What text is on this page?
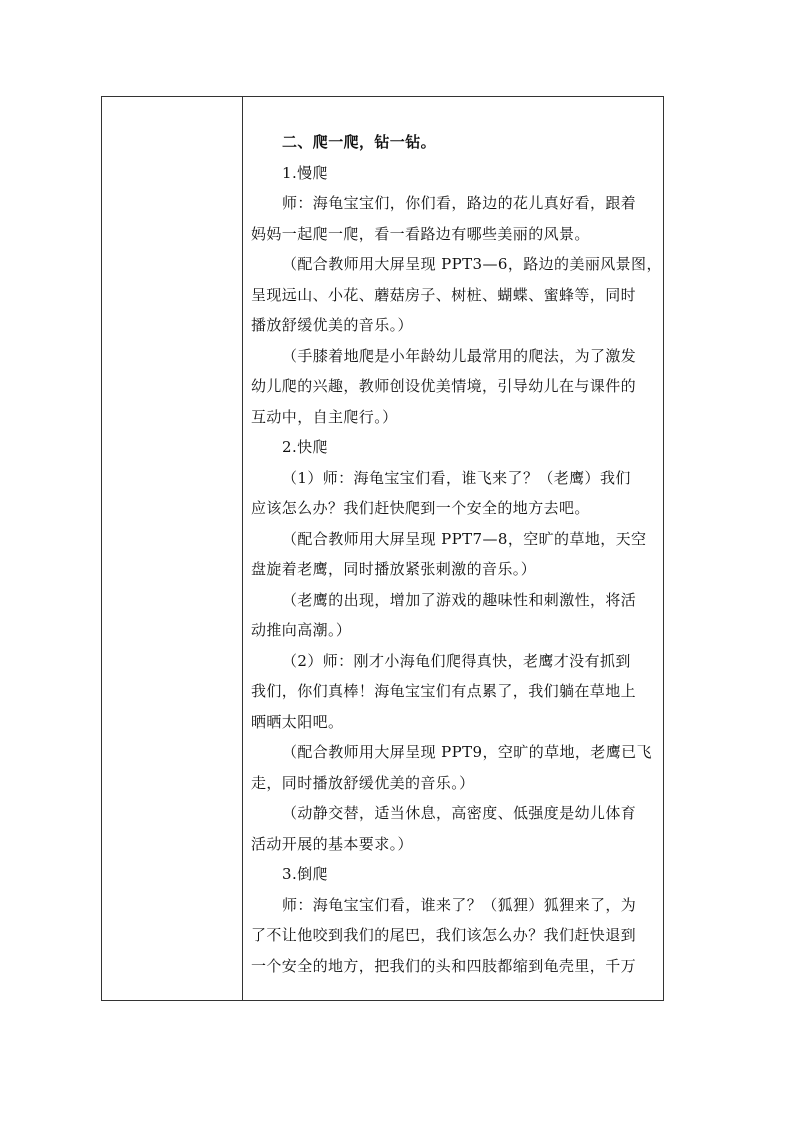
二、爬一爬，钻一钻。
1.慢爬
师：海龟宝宝们，你们看，路边的花儿真好看，跟着
妈妈一起爬一爬，看一看路边有哪些美丽的风景。
（配合教师用大屏呈现 PPT3—6，路边的美丽风景图，
呈现远山、小花、蘑菇房子、树桩、蝴蝶、蜜蜂等，同时
播放舒缓优美的音乐。）
（手膝着地爬是小年龄幼儿最常用的爬法，为了激发
幼儿爬的兴趣，教师创设优美情境，引导幼儿在与课件的
互动中，自主爬行。）
2.快爬
（1）师：海龟宝宝们看，谁飞来了？（老鹰）我们
应该怎么办？我们赶快爬到一个安全的地方去吧。
（配合教师用大屏呈现 PPT7—8，空旷的草地，天空
盘旋着老鹰，同时播放紧张刺激的音乐。）
（老鹰的出现，增加了游戏的趣味性和刺激性，将活
动推向高潮。）
（2）师：刚才小海龟们爬得真快，老鹰才没有抓到
我们，你们真棒！海龟宝宝们有点累了，我们躺在草地上
晒晒太阳吧。
（配合教师用大屏呈现 PPT9，空旷的草地，老鹰已飞
走，同时播放舒缓优美的音乐。）
（动静交替，适当休息，高密度、低强度是幼儿体育
活动开展的基本要求。）
3.倒爬
师：海龟宝宝们看，谁来了？（狐狸）狐狸来了，为
了不让他咬到我们的尾巴，我们该怎么办？我们赶快退到
一个安全的地方，把我们的头和四肢都缩到龟壳里，千万
